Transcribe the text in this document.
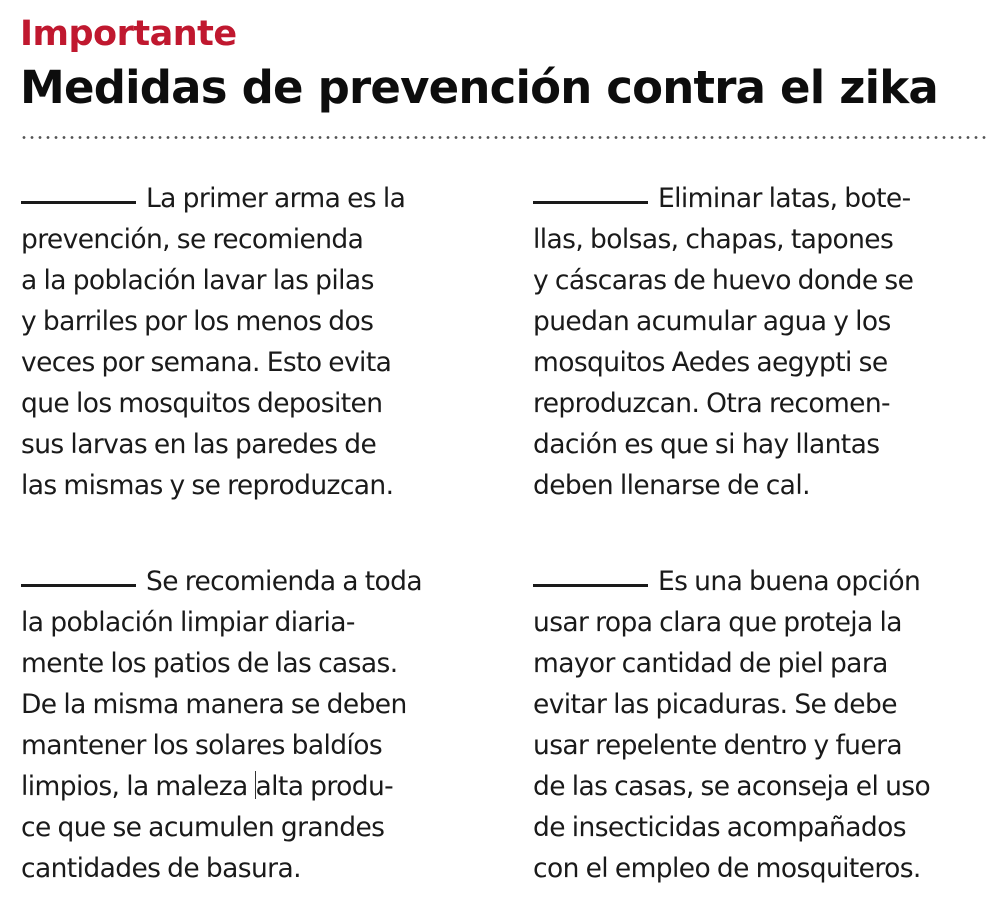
Importante
Medidas de prevención contra el zika
La primer arma es la
prevención, se recomienda
a la población lavar las pilas
y barriles por los menos dos
veces por semana. Esto evita
que los mosquitos depositen
sus larvas en las paredes de
las mismas y se reproduzcan.
Eliminar latas, bote-
llas, bolsas, chapas, tapones
y cáscaras de huevo donde se
puedan acumular agua y los
mosquitos Aedes aegypti se
reproduzcan. Otra recomen-
dación es que si hay llantas
deben llenarse de cal.
Se recomienda a toda
la población limpiar diaria-
mente los patios de las casas.
De la misma manera se deben
mantener los solares baldíos
limpios, la maleza alta produ-
ce que se acumulen grandes
cantidades de basura.
Es una buena opción
usar ropa clara que proteja la
mayor cantidad de piel para
evitar las picaduras. Se debe
usar repelente dentro y fuera
de las casas, se aconseja el uso
de insecticidas acompañados
con el empleo de mosquiteros.
